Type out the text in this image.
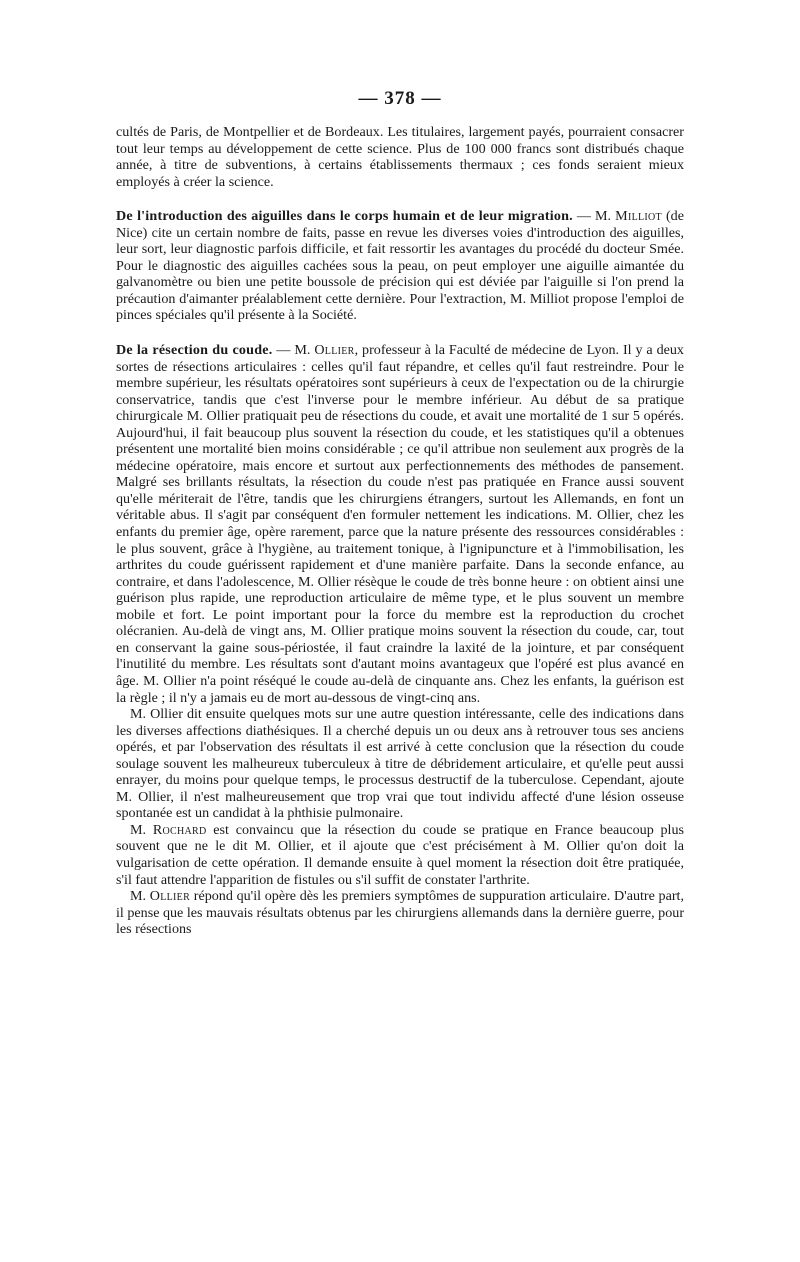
— 378 —

cultés de Paris, de Montpellier et de Bordeaux. Les titulaires, largement payés, pourraient consacrer tout leur temps au développement de cette science. Plus de 100 000 francs sont distribués chaque année, à titre de subventions, à certains établissements thermaux ; ces fonds seraient mieux employés à créer la science.

De l'introduction des aiguilles dans le corps humain et de leur migration. — M. Milliot (de Nice) cite un certain nombre de faits, passe en revue les diverses voies d'introduction des aiguilles, leur sort, leur diagnostic parfois difficile, et fait ressortir les avantages du procédé du docteur Smée. Pour le diagnostic des aiguilles cachées sous la peau, on peut employer une aiguille aimantée du galvanomètre ou bien une petite boussole de précision qui est déviée par l'aiguille si l'on prend la précaution d'aimanter préalablement cette dernière. Pour l'extraction, M. Milliot propose l'emploi de pinces spéciales qu'il présente à la Société.

De la résection du coude. — M. Ollier, professeur à la Faculté de médecine de Lyon. Il y a deux sortes de résections articulaires : celles qu'il faut répandre, et celles qu'il faut restreindre. Pour le membre supérieur, les résultats opératoires sont supérieurs à ceux de l'expectation ou de la chirurgie conservatrice, tandis que c'est l'inverse pour le membre inférieur. Au début de sa pratique chirurgicale M. Ollier pratiquait peu de résections du coude, et avait une mortalité de 1 sur 5 opérés. Aujourd'hui, il fait beaucoup plus souvent la résection du coude, et les statistiques qu'il a obtenues présentent une mortalité bien moins considérable ; ce qu'il attribue non seulement aux progrès de la médecine opératoire, mais encore et surtout aux perfectionnements des méthodes de pansement. Malgré ses brillants résultats, la résection du coude n'est pas pratiquée en France aussi souvent qu'elle mériterait de l'être, tandis que les chirurgiens étrangers, surtout les Allemands, en font un véritable abus. Il s'agit par conséquent d'en formuler nettement les indications. M. Ollier, chez les enfants du premier âge, opère rarement, parce que la nature présente des ressources considérables : le plus souvent, grâce à l'hygiène, au traitement tonique, à l'ignipuncture et à l'immobilisation, les arthrites du coude guérissent rapidement et d'une manière parfaite. Dans la seconde enfance, au contraire, et dans l'adolescence, M. Ollier résèque le coude de très bonne heure : on obtient ainsi une guérison plus rapide, une reproduction articulaire de même type, et le plus souvent un membre mobile et fort. Le point important pour la force du membre est la reproduction du crochet olécranien. Au-delà de vingt ans, M. Ollier pratique moins souvent la résection du coude, car, tout en conservant la gaine sous-périostée, il faut craindre la laxité de la jointure, et par conséquent l'inutilité du membre. Les résultats sont d'autant moins avantageux que l'opéré est plus avancé en âge. M. Ollier n'a point réséqué le coude au-delà de cinquante ans. Chez les enfants, la guérison est la règle ; il n'y a jamais eu de mort au-dessous de vingt-cinq ans.

M. Ollier dit ensuite quelques mots sur une autre question intéressante, celle des indications dans les diverses affections diathésiques. Il a cherché depuis un ou deux ans à retrouver tous ses anciens opérés, et par l'observation des résultats il est arrivé à cette conclusion que la résection du coude soulage souvent les malheureux tuberculeux à titre de débridement articulaire, et qu'elle peut aussi enrayer, du moins pour quelque temps, le processus destructif de la tuberculose. Cependant, ajoute M. Ollier, il n'est malheureusement que trop vrai que tout individu affecté d'une lésion osseuse spontanée est un candidat à la phthisie pulmonaire.

M. Rochard est convaincu que la résection du coude se pratique en France beaucoup plus souvent que ne le dit M. Ollier, et il ajoute que c'est précisément à M. Ollier qu'on doit la vulgarisation de cette opération. Il demande ensuite à quel moment la résection doit être pratiquée, s'il faut attendre l'apparition de fistules ou s'il suffit de constater l'arthrite.

M. Ollier répond qu'il opère dès les premiers symptômes de suppuration articulaire. D'autre part, il pense que les mauvais résultats obtenus par les chirurgiens allemands dans la dernière guerre, pour les résections
